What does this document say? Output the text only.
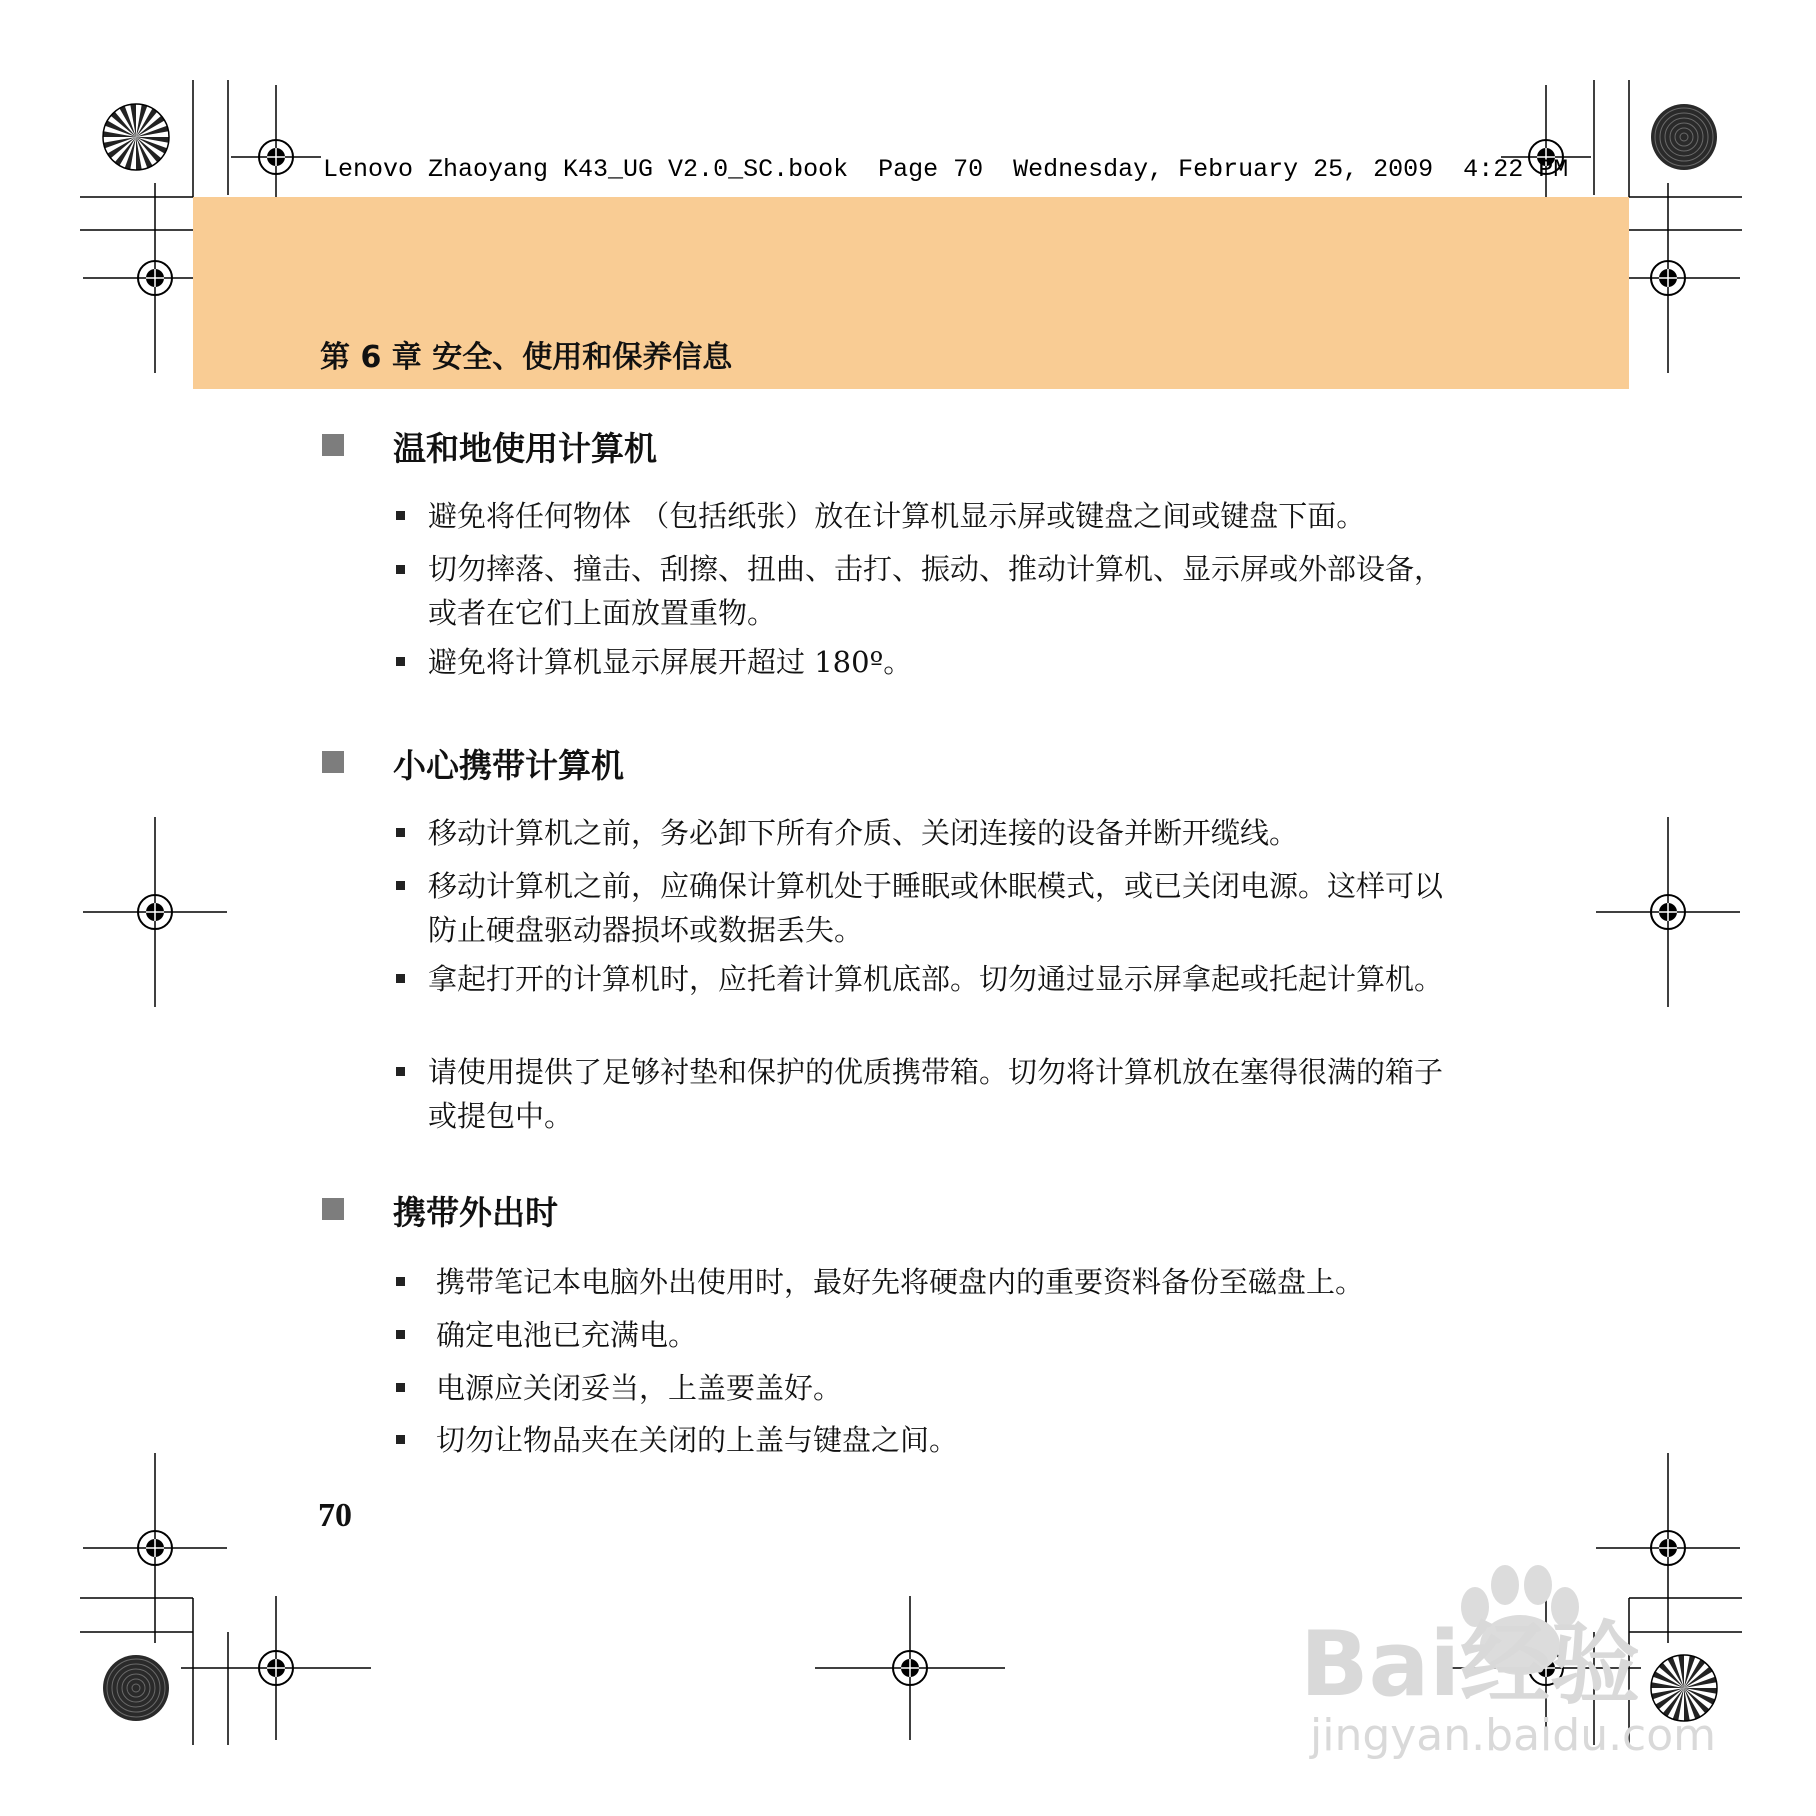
Lenovo Zhaoyang K43_UG V2.0_SC.book  Page 70  Wednesday, February 25, 2009  4:22 PM
第 6 章 安全、使用和保养信息
温和地使用计算机
避免将任何物体 （包括纸张）放在计算机显示屏或键盘之间或键盘下面。
切勿摔落、撞击、刮擦、扭曲、击打、振动、推动计算机、显示屏或外部设备，或者在它们上面放置重物。
避免将计算机显示屏展开超过 180º。
小心携带计算机
移动计算机之前，务必卸下所有介质、关闭连接的设备并断开缆线。
移动计算机之前，应确保计算机处于睡眠或休眠模式，或已关闭电源。这样可以防止硬盘驱动器损坏或数据丢失。
拿起打开的计算机时，应托着计算机底部。切勿通过显示屏拿起或托起计算机。
请使用提供了足够衬垫和保护的优质携带箱。切勿将计算机放在塞得很满的箱子或提包中。
携带外出时
携带笔记本电脑外出使用时，最好先将硬盘内的重要资料备份至磁盘上。
确定电池已充满电。
电源应关闭妥当，上盖要盖好。
切勿让物品夹在关闭的上盖与键盘之间。
70
Bai经验
jingyan.baidu.com
